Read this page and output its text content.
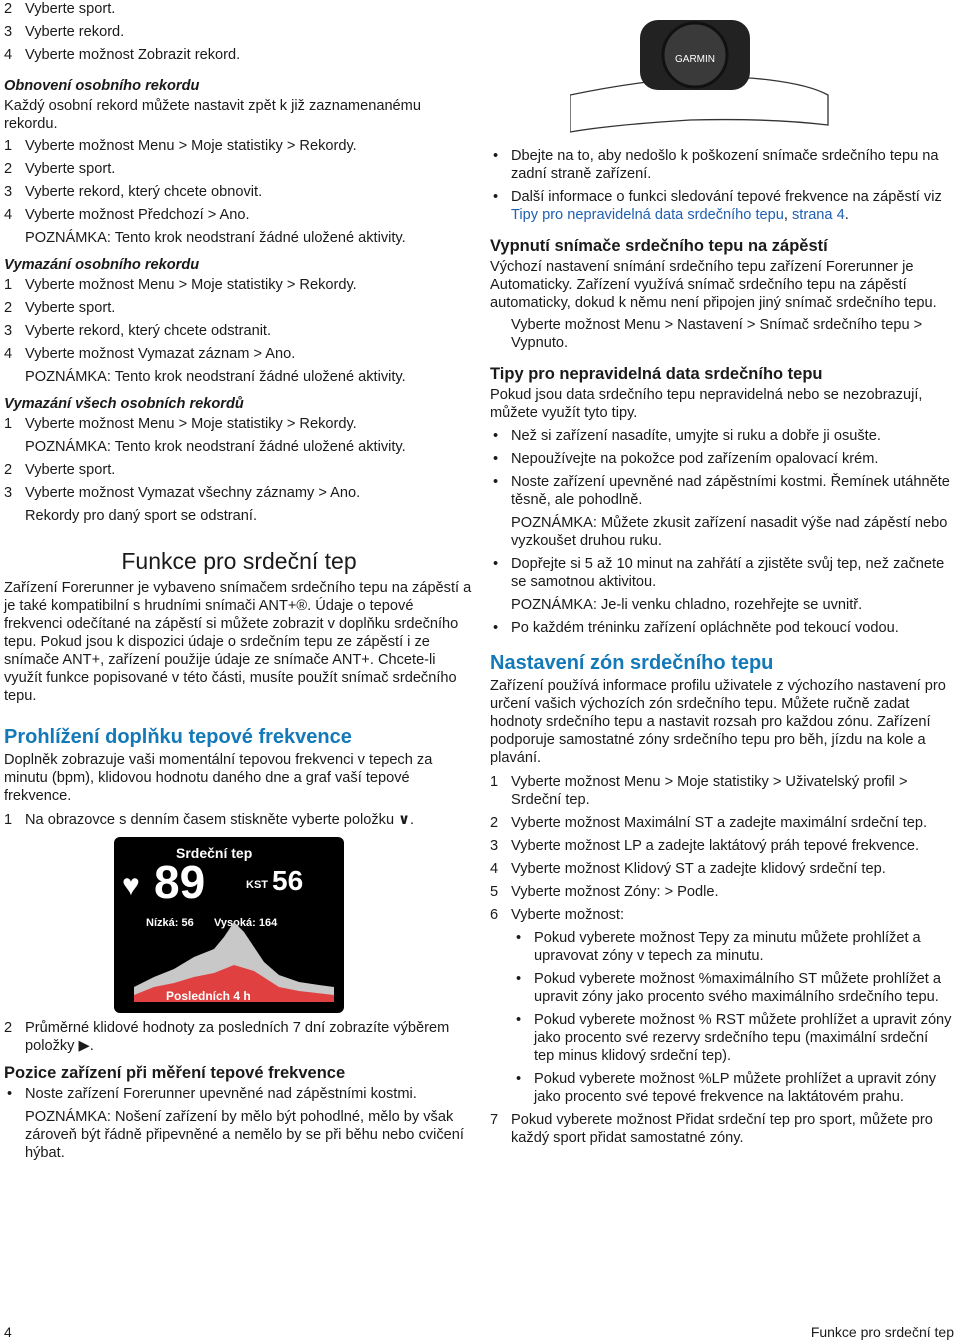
2 Vyberte sport.

3 Vyberte rekord.

4 Vyberte možnost Zobrazit rekord.

Obnovení osobního rekordu

Každý osobní rekord můžete nastavit zpět k již zaznamenanému rekordu.

1 Vyberte možnost Menu > Moje statistiky > Rekordy.

2 Vyberte sport.

3 Vyberte rekord, který chcete obnovit.

4 Vyberte možnost Předchozí > Ano.

POZNÁMKA: Tento krok neodstraní žádné uložené aktivity.

Vymazání osobního rekordu

1 Vyberte možnost Menu > Moje statistiky > Rekordy.

2 Vyberte sport.

3 Vyberte rekord, který chcete odstranit.

4 Vyberte možnost Vymazat záznam > Ano.

POZNÁMKA: Tento krok neodstraní žádné uložené aktivity.

Vymazání všech osobních rekordů

1 Vyberte možnost Menu > Moje statistiky > Rekordy.

POZNÁMKA: Tento krok neodstraní žádné uložené aktivity.

2 Vyberte sport.

3 Vyberte možnost Vymazat všechny záznamy > Ano.

Rekordy pro daný sport se odstraní.

Funkce pro srdeční tep

Zařízení Forerunner je vybaveno snímačem srdečního tepu na zápěstí a je také kompatibilní s hrudními snímači ANT+®. Údaje o tepové frekvenci odečítané na zápěstí si můžete zobrazit v doplňku srdečního tepu. Pokud jsou k dispozici údaje o srdečním tepu ze zápěstí i ze snímače ANT+, zařízení použije údaje ze snímače ANT+. Chcete-li využít funkce popisované v této části, musíte použít snímač srdečního tepu.

Prohlížení doplňku tepové frekvence

Doplněk zobrazuje vaši momentální tepovou frekvenci v tepech za minutu (bpm), klidovou hodnotu daného dne a graf vaší tepové frekvence.

1 Na obrazovce s denním časem stiskněte vyberte položku ∨.

Srdeční tep
♥ 89	KST 56
Nízká: 56 Vysoká: 164
Posledních 4 h

2 Průměrné klidové hodnoty za posledních 7 dní zobrazíte výběrem položky ▶.

Pozice zařízení při měření tepové frekvence

• Noste zařízení Forerunner upevněné nad zápěstními kostmi.

POZNÁMKA: Nošení zařízení by mělo být pohodlné, mělo by však zároveň být řádně připevněné a nemělo by se při běhu nebo cvičení hýbat.

GARMIN

• Dbejte na to, aby nedošlo k poškození snímače srdečního tepu na zadní straně zařízení.

• Další informace o funkci sledování tepové frekvence na zápěstí viz Tipy pro nepravidelná data srdečního tepu, strana 4.

Vypnutí snímače srdečního tepu na zápěstí

Výchozí nastavení snímání srdečního tepu zařízení Forerunner je Automaticky. Zařízení využívá snímač srdečního tepu na zápěstí automaticky, dokud k němu není připojen jiný snímač srdečního tepu.

Vyberte možnost Menu > Nastavení > Snímač srdečního tepu > Vypnuto.

Tipy pro nepravidelná data srdečního tepu

Pokud jsou data srdečního tepu nepravidelná nebo se nezobrazují, můžete využít tyto tipy.

• Než si zařízení nasadíte, umyjte si ruku a dobře ji osušte.

• Nepoužívejte na pokožce pod zařízením opalovací krém.

• Noste zařízení upevněné nad zápěstními kostmi. Řemínek utáhněte těsně, ale pohodlně.

POZNÁMKA: Můžete zkusit zařízení nasadit výše nad zápěstí nebo vyzkoušet druhou ruku.

• Dopřejte si 5 až 10 minut na zahřátí a zjistěte svůj tep, než začnete se samotnou aktivitou.

POZNÁMKA: Je-li venku chladno, rozehřejte se uvnitř.

• Po každém tréninku zařízení opláchněte pod tekoucí vodou.

Nastavení zón srdečního tepu

Zařízení používá informace profilu uživatele z výchozího nastavení pro určení vašich výchozích zón srdečního tepu. Můžete ručně zadat hodnoty srdečního tepu a nastavit rozsah pro každou zónu. Zařízení podporuje samostatné zóny srdečního tepu pro běh, jízdu na kole a plavání.

1 Vyberte možnost Menu > Moje statistiky > Uživatelský profil > Srdeční tep.

2 Vyberte možnost Maximální ST a zadejte maximální srdeční tep.

3 Vyberte možnost LP a zadejte laktátový práh tepové frekvence.

4 Vyberte možnost Klidový ST a zadejte klidový srdeční tep.

5 Vyberte možnost Zóny: > Podle.

6 Vyberte možnost:

• Pokud vyberete možnost Tepy za minutu můžete prohlížet a upravovat zóny v tepech za minutu.

• Pokud vyberete možnost %maximálního ST můžete prohlížet a upravit zóny jako procento svého maximálního srdečního tepu.

• Pokud vyberete možnost % RST můžete prohlížet a upravit zóny jako procento své rezervy srdečního tepu (maximální srdeční tep minus klidový srdeční tep).

• Pokud vyberete možnost %LP můžete prohlížet a upravit zóny jako procento své tepové frekvence na laktátovém prahu.

7 Pokud vyberete možnost Přidat srdeční tep pro sport, můžete pro každý sport přidat samostatné zóny.

4	Funkce pro srdeční tep
